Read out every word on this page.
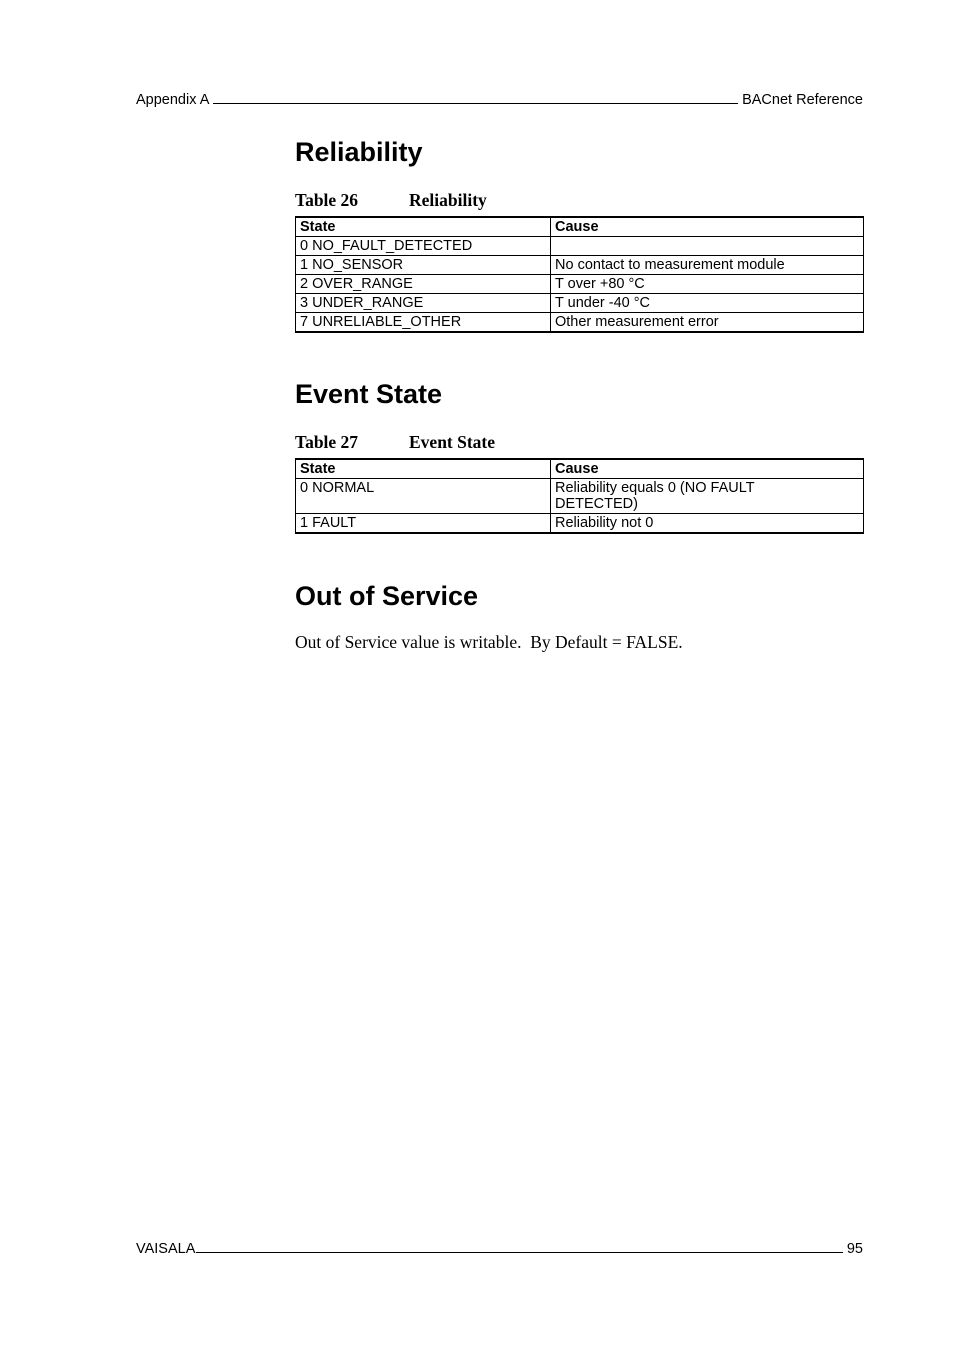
Appendix A	BACnet Reference
Reliability
Table 26	Reliability
State	Cause
0 NO_FAULT_DETECTED	
1 NO_SENSOR	No contact to measurement module
2 OVER_RANGE	T over +80 °C
3 UNDER_RANGE	T under -40 °C
7 UNRELIABLE_OTHER	Other measurement error
Event State
Table 27	Event State
State	Cause
0 NORMAL	Reliability equals 0 (NO FAULT DETECTED)
1 FAULT	Reliability not 0
Out of Service
Out of Service value is writable.  By Default = FALSE.
VAISALA	95
